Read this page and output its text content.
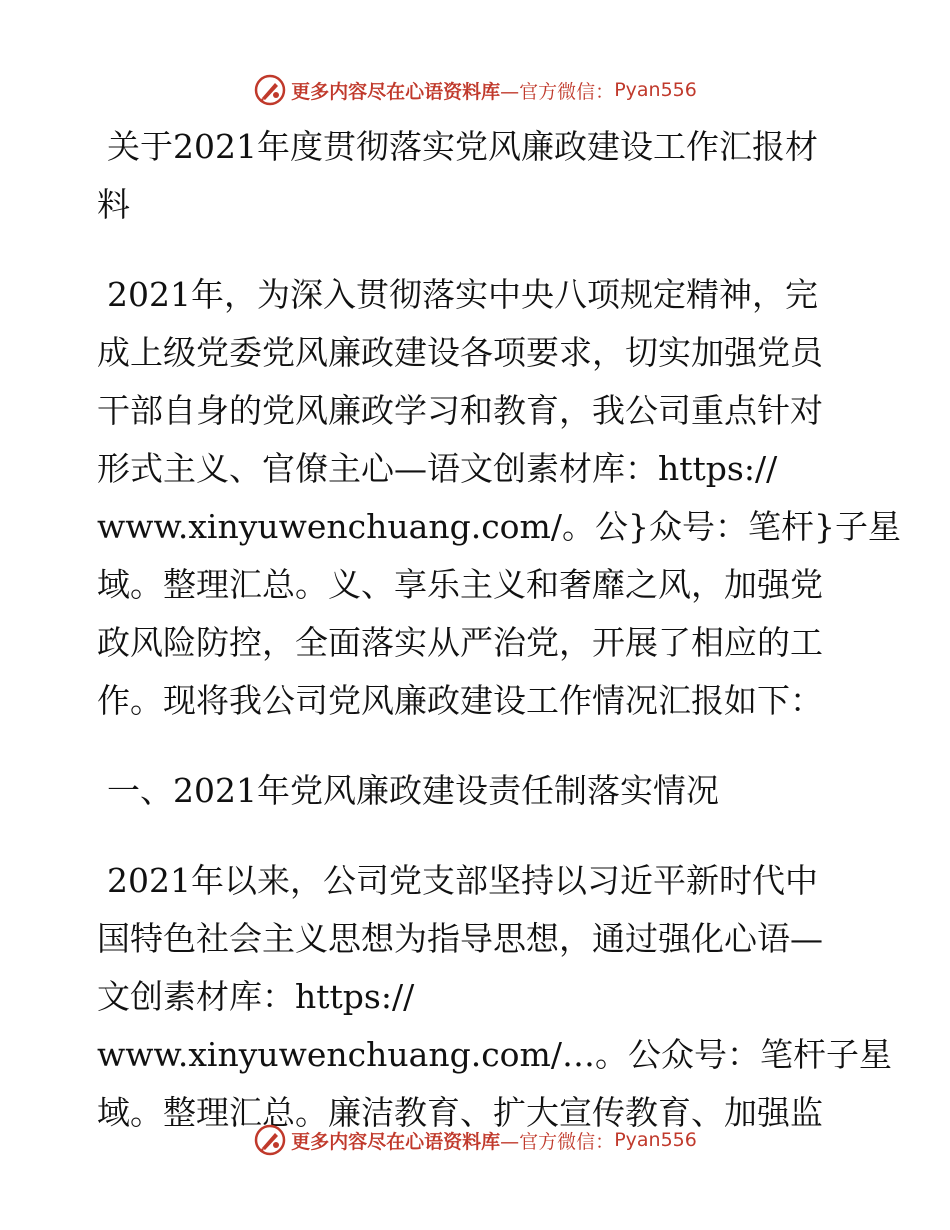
更多内容尽在心语资料库 —官方微信： Pyan556
关于2021年度贯彻落实党风廉政建设工作汇报材
料
2021年，为深入贯彻落实中央八项规定精神，完
成上级党委党风廉政建设各项要求，切实加强党员
干部自身的党风廉政学习和教育，我公司重点针对
形式主义、官僚主心—语文创素材库：https://
www.xinyuwenchuang.com/。公}众号：笔杆}子星
域。整理汇总。义、享乐主义和奢靡之风，加强党
政风险防控，全面落实从严治党，开展了相应的工
作。现将我公司党风廉政建设工作情况汇报如下：
一、2021年党风廉政建设责任制落实情况
2021年以来，公司党支部坚持以习近平新时代中
国特色社会主义思想为指导思想，通过强化心语—
文创素材库：https://
www.xinyuwenchuang.com/…。公众号：笔杆子星
域。整理汇总。廉洁教育、扩大宣传教育、加强监
更多内容尽在心语资料库 —官方微信： Pyan556
